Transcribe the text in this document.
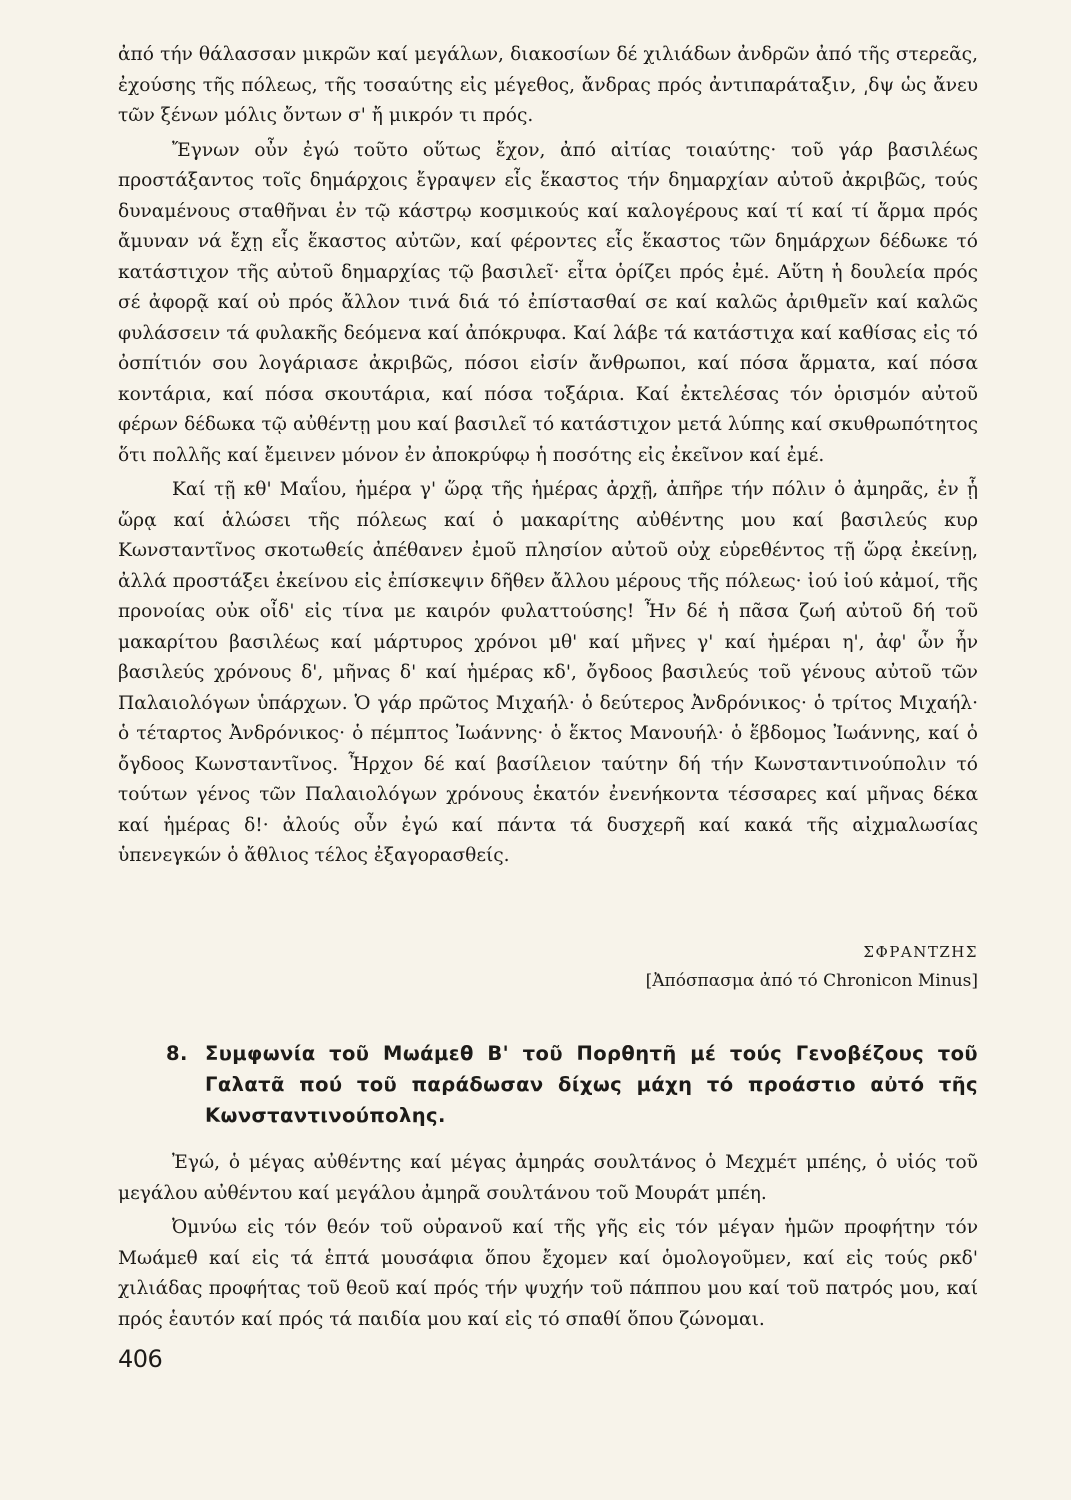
ἀπό τήν θάλασσαν μικρῶν καί μεγάλων, διακοσίων δέ χιλιάδων ἀνδρῶν ἀπό τῆς στερεᾶς, ἐχούσης τῆς πόλεως, τῆς τοσαύτης εἰς μέγεθος, ἄνδρας πρός ἀντιπαράταξιν, ͵δψ ὡς ἄνευ τῶν ξένων μόλις ὄντων σ' ἤ μικρόν τι πρός.

Ἔγνων οὖν ἐγώ τοῦτο οὕτως ἔχον, ἀπό αἰτίας τοιαύτης· τοῦ γάρ βασιλέως προστάξαντος τοῖς δημάρχοις ἔγραψεν εἷς ἕκαστος τήν δημαρχίαν αὐτοῦ ἀκριβῶς, τούς δυναμένους σταθῆναι ἐν τῷ κάστρῳ κοσμικούς καί καλογέρους καί τί καί τί ἅρμα πρός ἄμυναν νά ἔχῃ εἷς ἕκαστος αὐτῶν, καί φέροντες εἷς ἕκαστος τῶν δημάρχων δέδωκε τό κατάστιχον τῆς αὐτοῦ δημαρχίας τῷ βασιλεῖ· εἶτα ὁρίζει πρός ἐμέ. Αὕτη ἡ δουλεία πρός σέ ἀφορᾷ καί οὐ πρός ἄλλον τινά διά τό ἐπίστασθαί σε καί καλῶς ἀριθμεῖν καί καλῶς φυλάσσειν τά φυλακῆς δεόμενα καί ἀπόκρυφα. Καί λάβε τά κατάστιχα καί καθίσας εἰς τό ὀσπίτιόν σου λογάριασε ἀκριβῶς, πόσοι εἰσίν ἄνθρωποι, καί πόσα ἅρματα, καί πόσα κοντάρια, καί πόσα σκουτάρια, καί πόσα τοξάρια. Καί ἐκτελέσας τόν ὁρισμόν αὐτοῦ φέρων δέδωκα τῷ αὐθέντῃ μου καί βασιλεῖ τό κατάστιχον μετά λύπης καί σκυθρωπότητος ὅτι πολλῆς καί ἔμεινεν μόνον ἐν ἀποκρύφῳ ἡ ποσότης εἰς ἐκεῖνον καί ἐμέ.

Καί τῇ κθ' Μαΐου, ἡμέρα γ' ὥρᾳ τῆς ἡμέρας ἀρχῇ, ἀπῆρε τήν πόλιν ὁ ἀμηρᾶς, ἐν ᾗ ὥρᾳ καί ἁλώσει τῆς πόλεως καί ὁ μακαρίτης αὐθέντης μου καί βασιλεύς κυρ Κωνσταντῖνος σκοτωθείς ἀπέθανεν ἐμοῦ πλησίον αὐτοῦ οὐχ εὑρεθέντος τῇ ὥρᾳ ἐκείνῃ, ἀλλά προστάξει ἐκείνου εἰς ἐπίσκεψιν δῆθεν ἄλλου μέρους τῆς πόλεως· ἰού ἰού κἀμοί, τῆς προνοίας οὐκ οἶδ' εἰς τίνα με καιρόν φυλαττούσης! Ἦν δέ ἡ πᾶσα ζωή αὐτοῦ δή τοῦ μακαρίτου βασιλέως καί μάρτυρος χρόνοι μθ' καί μῆνες γ' καί ἡμέραι η', ἀφ' ὧν ἦν βασιλεύς χρόνους δ', μῆνας δ' καί ἡμέρας κδ', ὄγδοος βασιλεύς τοῦ γένους αὐτοῦ τῶν Παλαιολόγων ὑπάρχων. Ὁ γάρ πρῶτος Μιχαήλ· ὁ δεύτερος Ἀνδρόνικος· ὁ τρίτος Μιχαήλ· ὁ τέταρτος Ἀνδρόνικος· ὁ πέμπτος Ἰωάννης· ὁ ἕκτος Μανουήλ· ὁ ἕβδομος Ἰωάννης, καί ὁ ὄγδοος Κωνσταντῖνος. Ἦρχον δέ καί βασίλειον ταύτην δή τήν Κωνσταντινούπολιν τό τούτων γένος τῶν Παλαιολόγων χρόνους ἑκατόν ἐνενήκοντα τέσσαρες καί μῆνας δέκα καί ἡμέρας δ!· ἀλούς οὖν ἐγώ καί πάντα τά δυσχερῆ καί κακά τῆς αἰχμαλωσίας ὑπενεγκών ὁ ἄθλιος τέλος ἐξαγορασθείς.

ΣΦΡΑΝΤΖΗΣ
[Ἀπόσπασμα ἀπό τό Chronicon Minus]
8. Συμφωνία τοῦ Μωάμεθ Β' τοῦ Πορθητῆ μέ τούς Γενοβέζους τοῦ Γαλατᾶ πού τοῦ παράδωσαν δίχως μάχη τό προάστιο αὐτό τῆς Κωνσταντινούπολης.

Ἐγώ, ὁ μέγας αὐθέντης καί μέγας ἀμηράς σουλτάνος ὁ Μεχμέτ μπέης, ὁ υἱός τοῦ μεγάλου αὐθέντου καί μεγάλου ἀμηρᾶ σουλτάνου τοῦ Μουράτ μπέη.

Ὀμνύω εἰς τόν θεόν τοῦ οὐρανοῦ καί τῆς γῆς εἰς τόν μέγαν ἡμῶν προφήτην τόν Μωάμεθ καί εἰς τά ἑπτά μουσάφια ὅπου ἔχομεν καί ὁμολογοῦμεν, καί εἰς τούς ρκδ' χιλιάδας προφήτας τοῦ θεοῦ καί πρός τήν ψυχήν τοῦ πάππου μου καί τοῦ πατρός μου, καί πρός ἑαυτόν καί πρός τά παιδία μου καί εἰς τό σπαθί ὅπου ζώνομαι.

406
